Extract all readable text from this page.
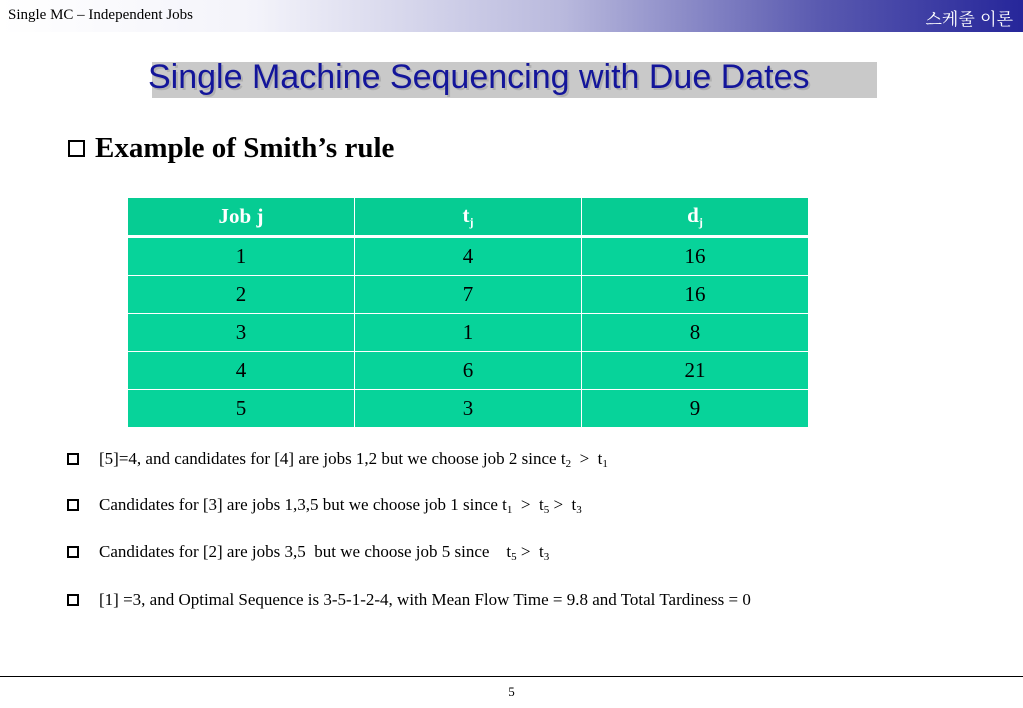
Single MC – Independent Jobs	스케줄 이론
Single Machine Sequencing with Due Dates
Example of Smith’s rule
Job j	$t_j$	$d_j$
1	4	16
2	7	16
3	1	8
4	6	21
5	3	9
[5]=4, and candidates for [4] are jobs 1,2 but we choose job 2 since $t_2 > t_1$
Candidates for [3] are jobs 1,3,5 but we choose job 1 since $t_1 > t_5 > t_3$
Candidates for [2] are jobs 3,5  but we choose job 5 since    $t_5 > t_3$
[1] =3, and Optimal Sequence is 3-5-1-2-4, with Mean Flow Time = 9.8 and Total Tardiness = 0
5
